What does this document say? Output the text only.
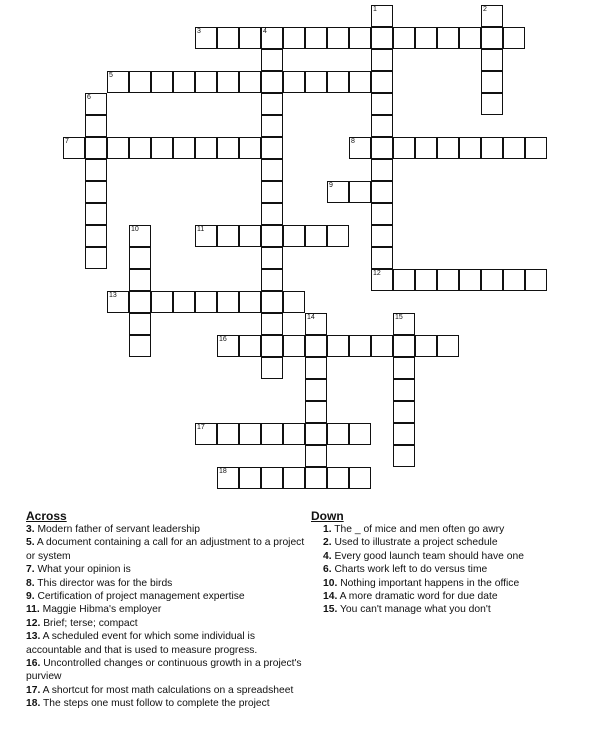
3	4
5
7	8
9
11
12
13
16
17
18
1	2
6
10
14	15
Across
3. Modern father of servant leadership
5. A document containing a call for an adjustment to a project or system
7. What your opinion is
8. This director was for the birds
9. Certification of project management expertise
11. Maggie Hibma's employer
12. Brief; terse; compact
13. A scheduled event for which some individual is accountable and that is used to measure progress.
16. Uncontrolled changes or continuous growth in a project's purview
17. A shortcut for most math calculations on a spreadsheet
18. The steps one must follow to complete the project
Down
1. The _ of mice and men often go awry
2. Used to illustrate a project schedule
4. Every good launch team should have one
6. Charts work left to do versus time
10. Nothing important happens in the office
14. A more dramatic word for due date
15. You can't manage what you don't
